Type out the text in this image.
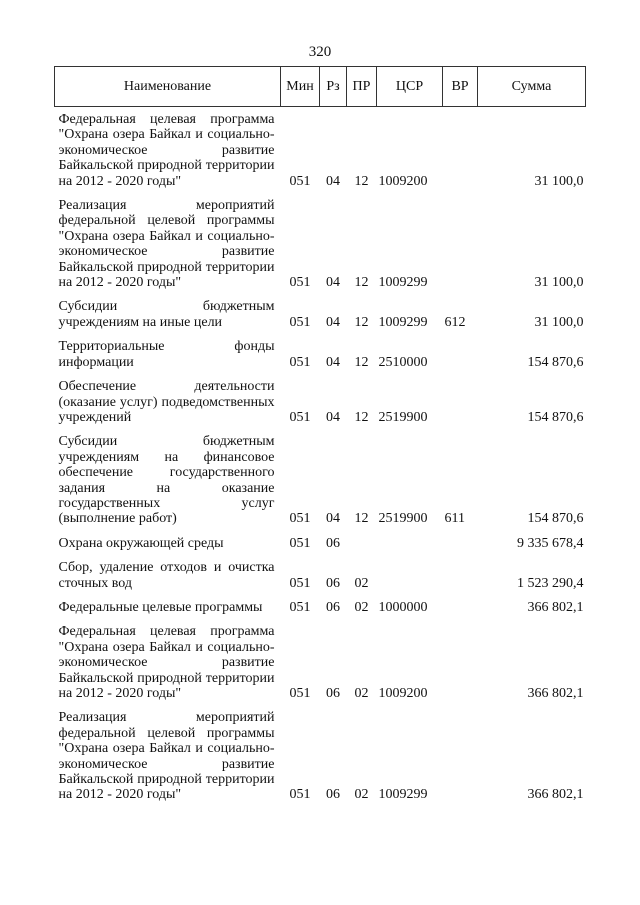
320
Наименование	Мин	Рз	ПР	ЦСР	ВР	Сумма
Федеральная целевая программа "Охрана озера Байкал и социально-экономическое развитие Байкальской природной территории на 2012 - 2020 годы"	051	04	12	1009200		31 100,0
Реализация мероприятий федеральной целевой программы "Охрана озера Байкал и социально-экономическое развитие Байкальской природной территории на 2012 - 2020 годы"	051	04	12	1009299		31 100,0
Субсидии бюджетным учреждениям на иные цели	051	04	12	1009299	612	31 100,0
Территориальные фонды информации	051	04	12	2510000		154 870,6
Обеспечение деятельности (оказание услуг) подведомственных учреждений	051	04	12	2519900		154 870,6
Субсидии бюджетным учреждениям на финансовое обеспечение государственного задания на оказание государственных услуг (выполнение работ)	051	04	12	2519900	611	154 870,6
Охрана окружающей среды	051	06				9 335 678,4
Сбор, удаление отходов и очистка сточных вод	051	06	02			1 523 290,4
Федеральные целевые программы	051	06	02	1000000		366 802,1
Федеральная целевая программа "Охрана озера Байкал и социально-экономическое развитие Байкальской природной территории на 2012 - 2020 годы"	051	06	02	1009200		366 802,1
Реализация мероприятий федеральной целевой программы "Охрана озера Байкал и социально-экономическое развитие Байкальской природной территории на 2012 - 2020 годы"	051	06	02	1009299		366 802,1
